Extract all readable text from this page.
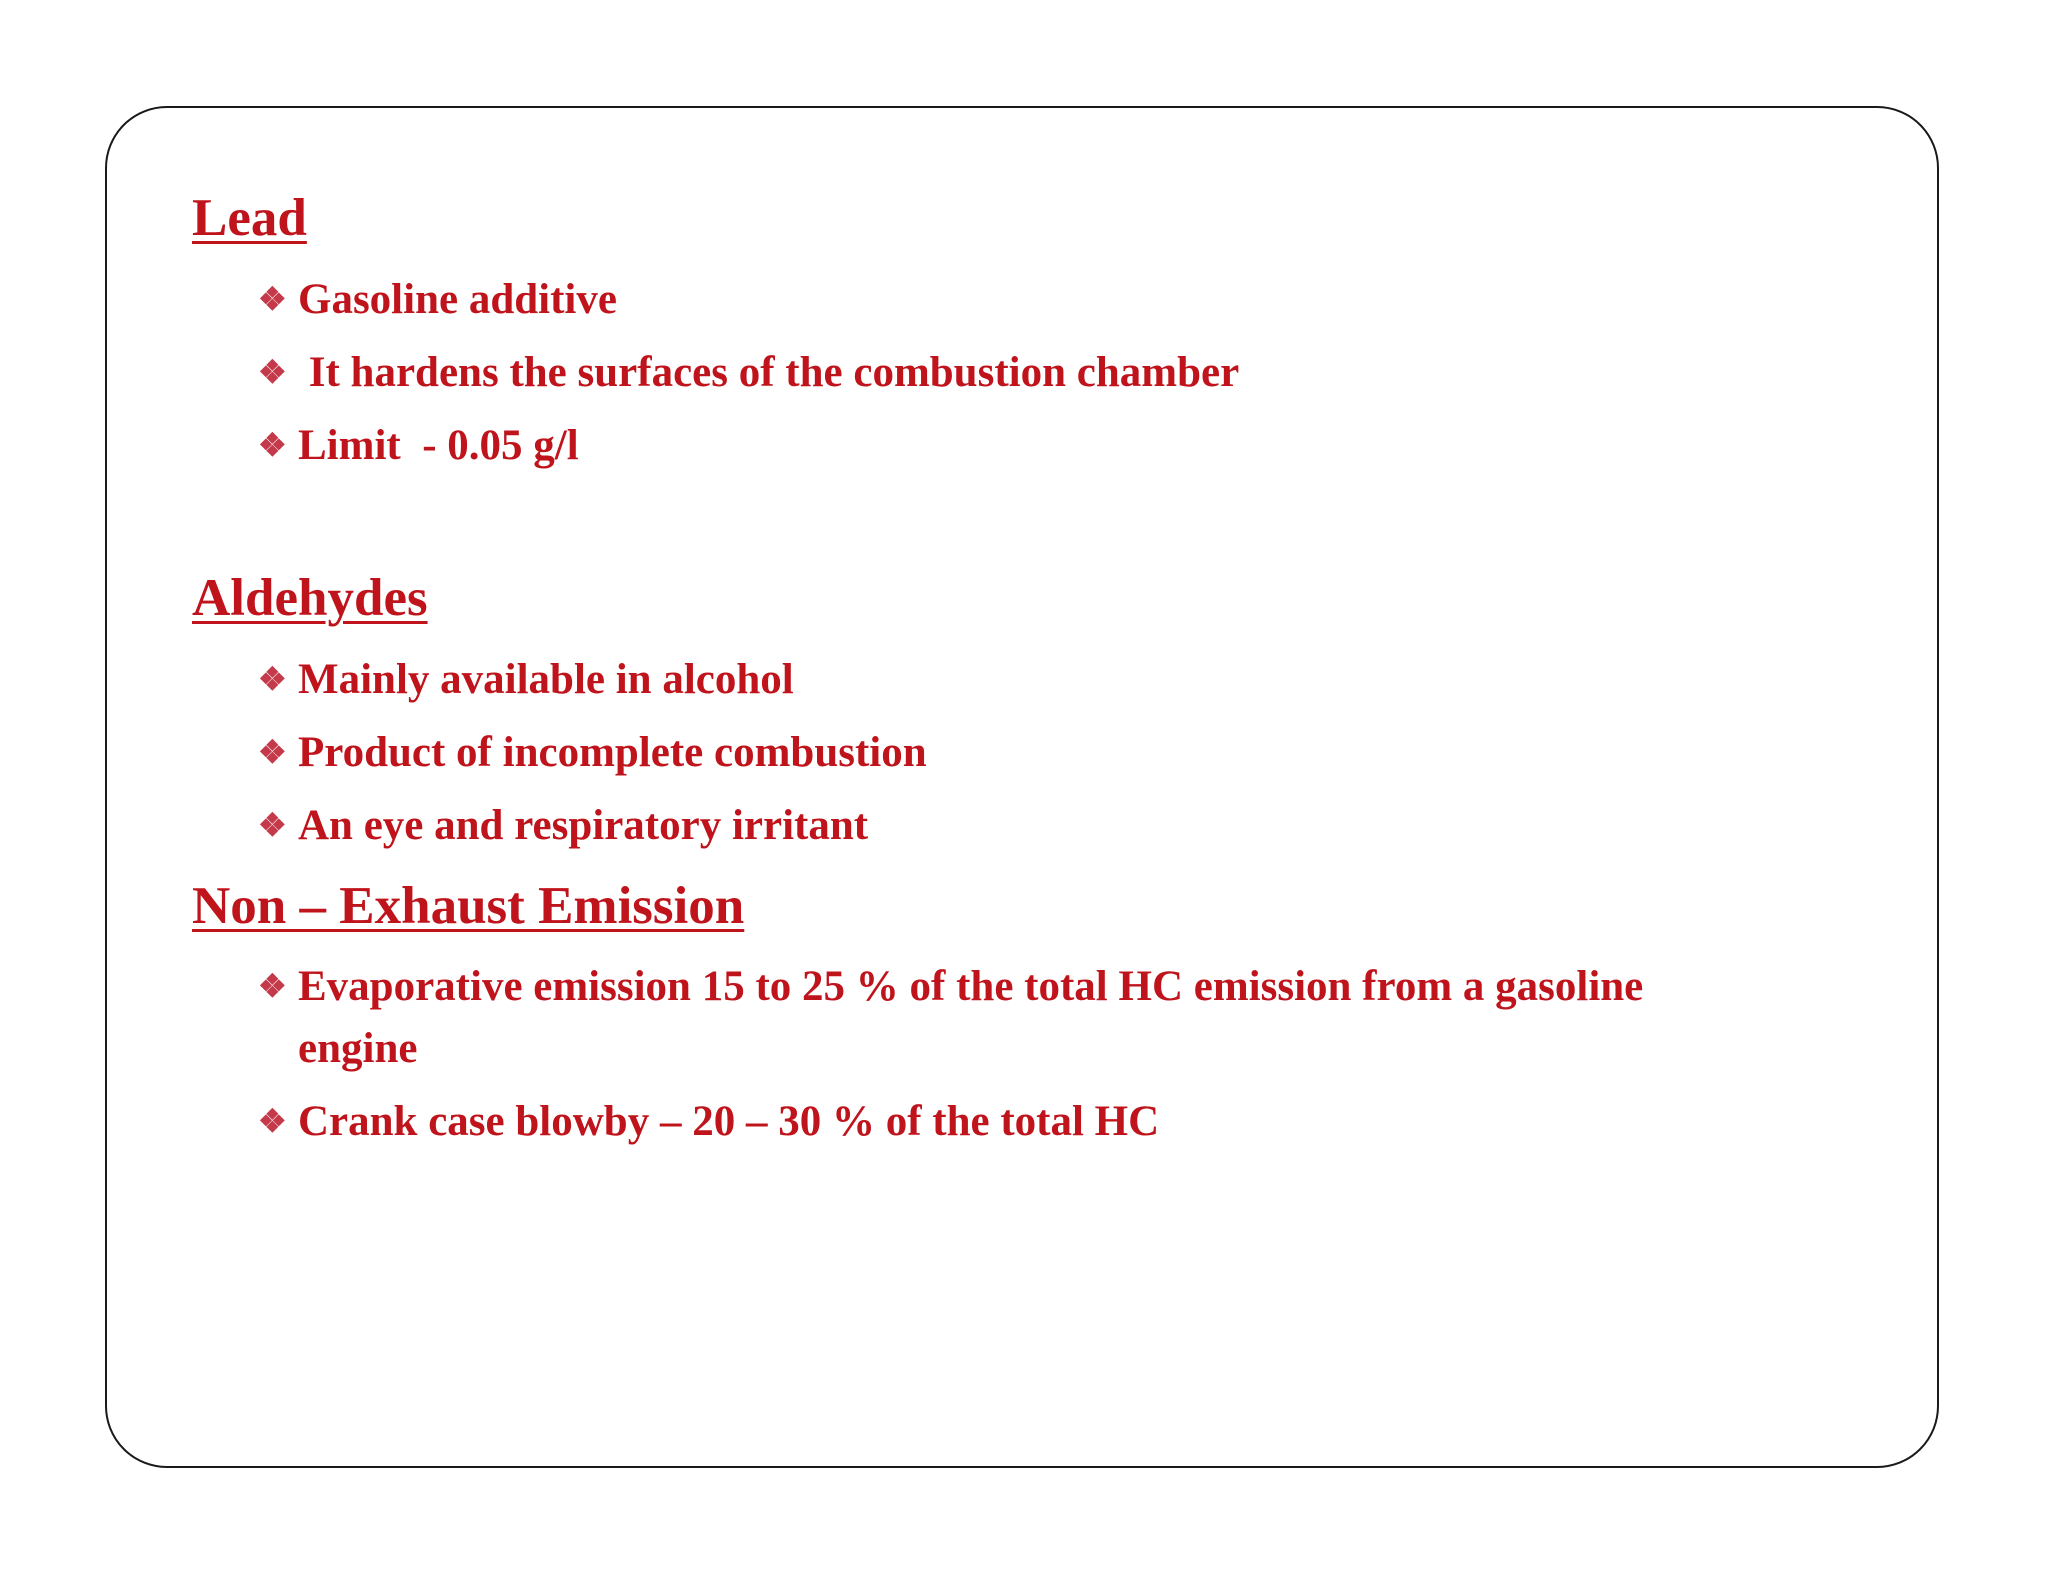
Lead
❖ Gasoline additive
❖ It hardens the surfaces of the combustion chamber
❖ Limit  - 0.05 g/l
Aldehydes
❖ Mainly available in alcohol
❖ Product of incomplete combustion
❖ An eye and respiratory irritant
Non – Exhaust Emission
❖ Evaporative emission 15 to 25 % of the total HC emission from a gasoline engine
❖ Crank case blowby – 20 – 30 % of the total HC
